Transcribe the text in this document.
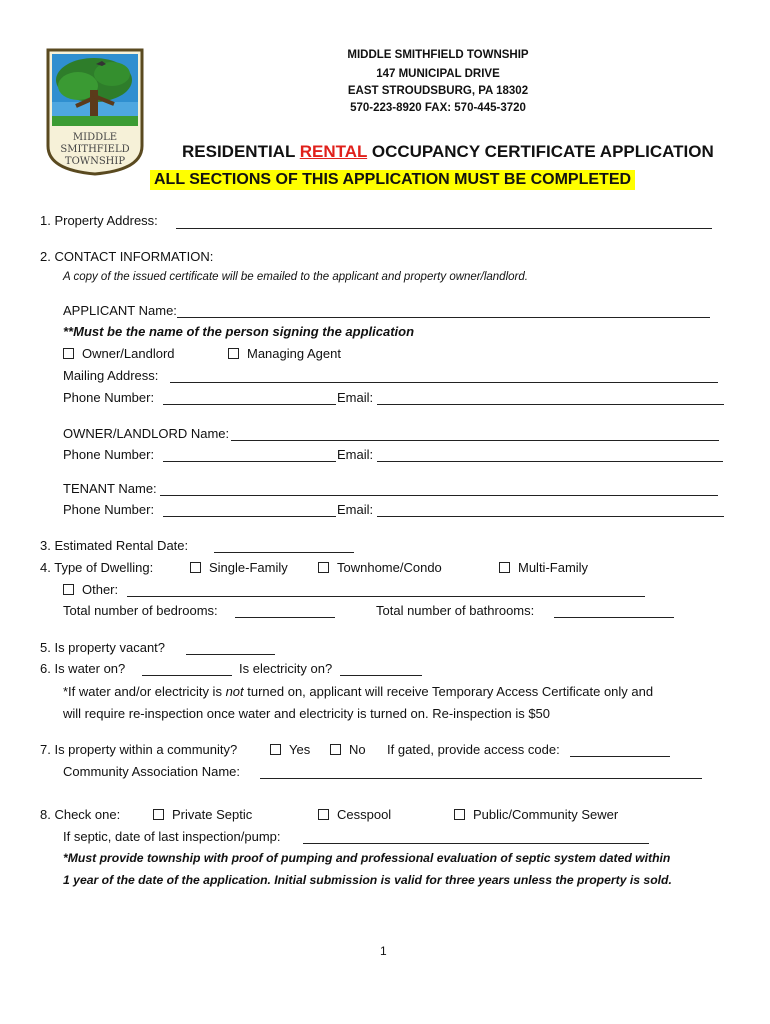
MIDDLE
SMITHFIELD
TOWNSHIP
MIDDLE SMITHFIELD TOWNSHIP
147 MUNICIPAL DRIVE
EAST STROUDSBURG, PA 18302
570-223-8920 FAX: 570-445-3720
RESIDENTIAL RENTAL OCCUPANCY CERTIFICATE APPLICATION
ALL SECTIONS OF THIS APPLICATION MUST BE COMPLETED
1. Property Address:
2. CONTACT INFORMATION:
A copy of the issued certificate will be emailed to the applicant and property owner/landlord.
APPLICANT Name:
**Must be the name of the person signing the application
Owner/Landlord	Managing Agent
Mailing Address:
Phone Number:	Email:
OWNER/LANDLORD Name:
Phone Number:	Email:
TENANT Name:
Phone Number:	Email:
3. Estimated Rental Date:
4. Type of Dwelling:	Single-Family	Townhome/Condo	Multi-Family
Other:
Total number of bedrooms:	Total number of bathrooms:
5. Is property vacant?
6. Is water on?	Is electricity on?
*If water and/or electricity is not turned on, applicant will receive Temporary Access Certificate only and
will require re-inspection once water and electricity is turned on. Re-inspection is $50
7. Is property within a community?	Yes	No If gated, provide access code:
Community Association Name:
8. Check one:	Private Septic	Cesspool	Public/Community Sewer
If septic, date of last inspection/pump:
*Must provide township with proof of pumping and professional evaluation of septic system dated within
1 year of the date of the application. Initial submission is valid for three years unless the property is sold.
1
